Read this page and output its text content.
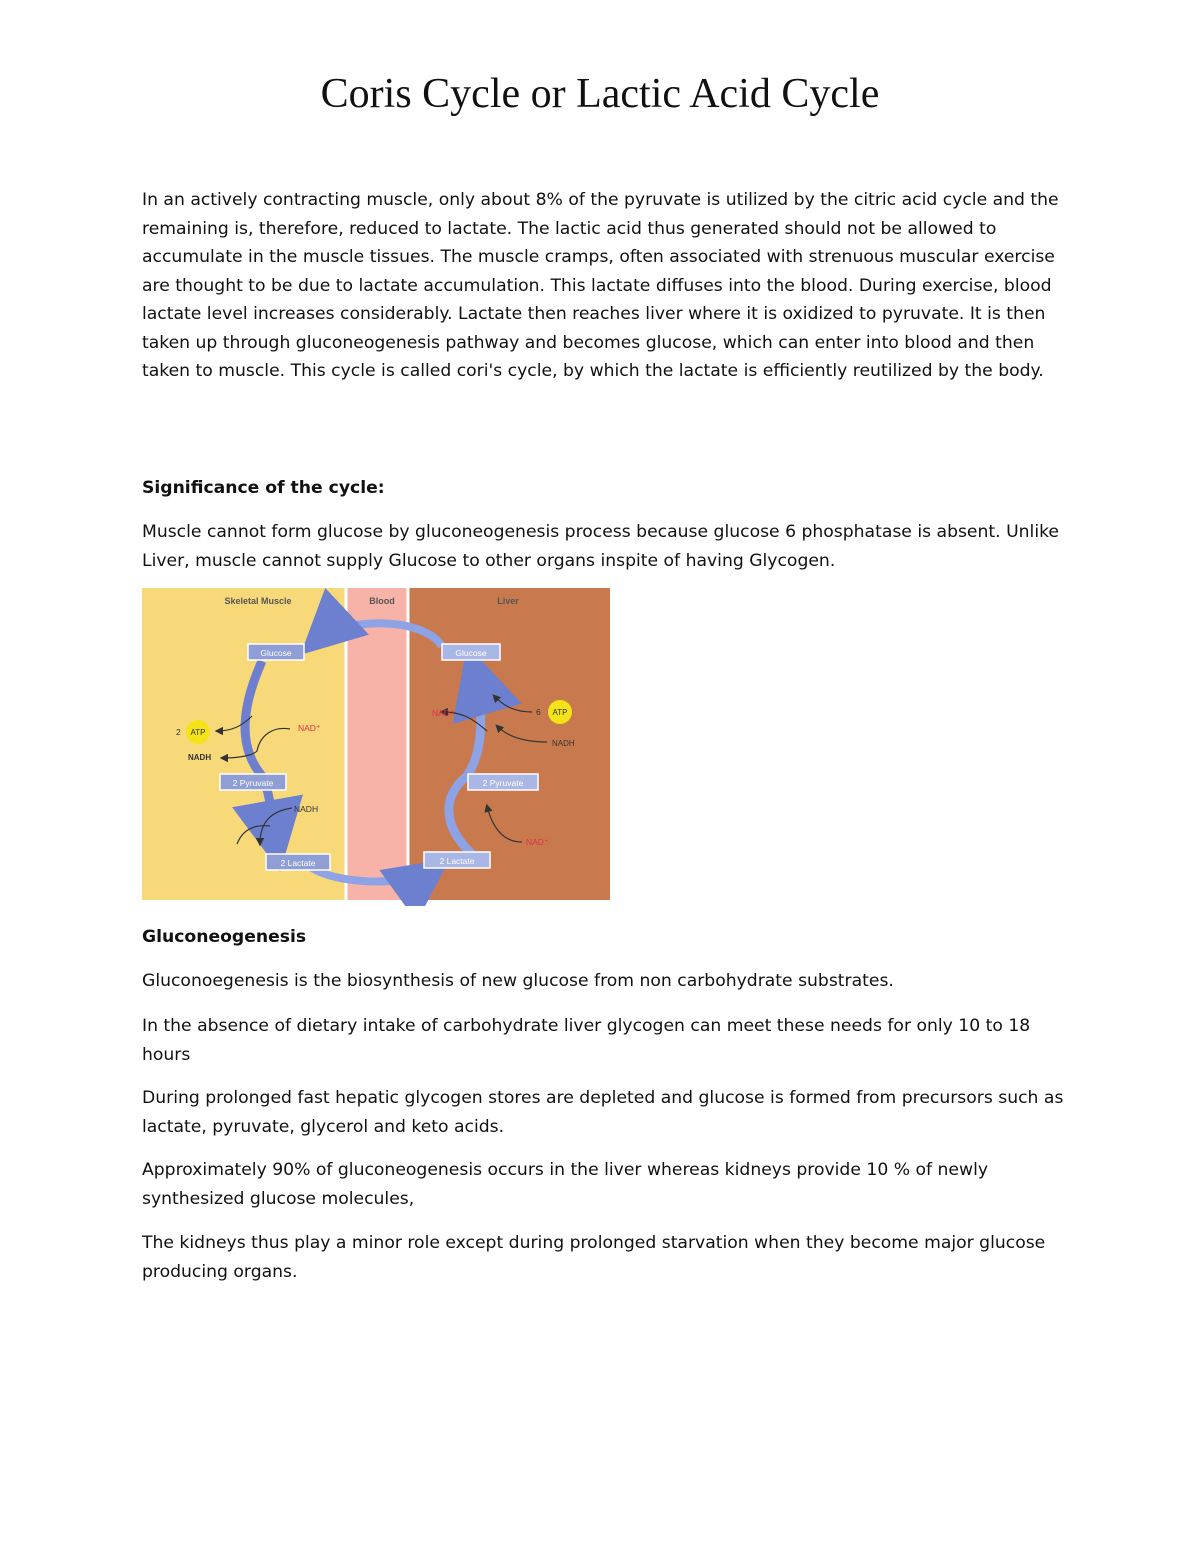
Coris Cycle or Lactic Acid Cycle

In an actively contracting muscle, only about 8% of the pyruvate is utilized by the citric acid cycle and the remaining is, therefore, reduced to lactate. The lactic acid thus generated should not be allowed to accumulate in the muscle tissues. The muscle cramps, often associated with strenuous muscular exercise are thought to be due to lactate accumulation. This lactate diffuses into the blood. During exercise, blood lactate level increases considerably. Lactate then reaches liver where it is oxidized to pyruvate. It is then taken up through gluconeogenesis pathway and becomes glucose, which can enter into blood and then taken to muscle. This cycle is called cori's cycle, by which the lactate is efficiently reutilized by the body.

Significance of the cycle:

Muscle cannot form glucose by gluconeogenesis process because glucose 6 phosphatase is absent. Unlike Liver, muscle cannot supply Glucose to other organs inspite of having Glycogen.

Skeletal Muscle	Blood	Liver
Glucose
2 Pyruvate
2 Lactate
2 ATP	NAD⁺
NADH
NADH
Glucose
2 Pyruvate
2 Lactate
6 ATP
NAD⁺
NADH
NAD⁺

Gluconeogenesis

Gluconoegenesis is the biosynthesis of new glucose from non carbohydrate substrates.

In the absence of dietary intake of carbohydrate liver glycogen can meet these needs for only 10 to 18 hours

During prolonged fast hepatic glycogen stores are depleted and glucose is formed from precursors such as lactate, pyruvate, glycerol and keto acids.

Approximately 90% of gluconeogenesis occurs in the liver whereas kidneys provide 10 % of newly synthesized glucose molecules,

The kidneys thus play a minor role except during prolonged starvation when they become major glucose producing organs.
